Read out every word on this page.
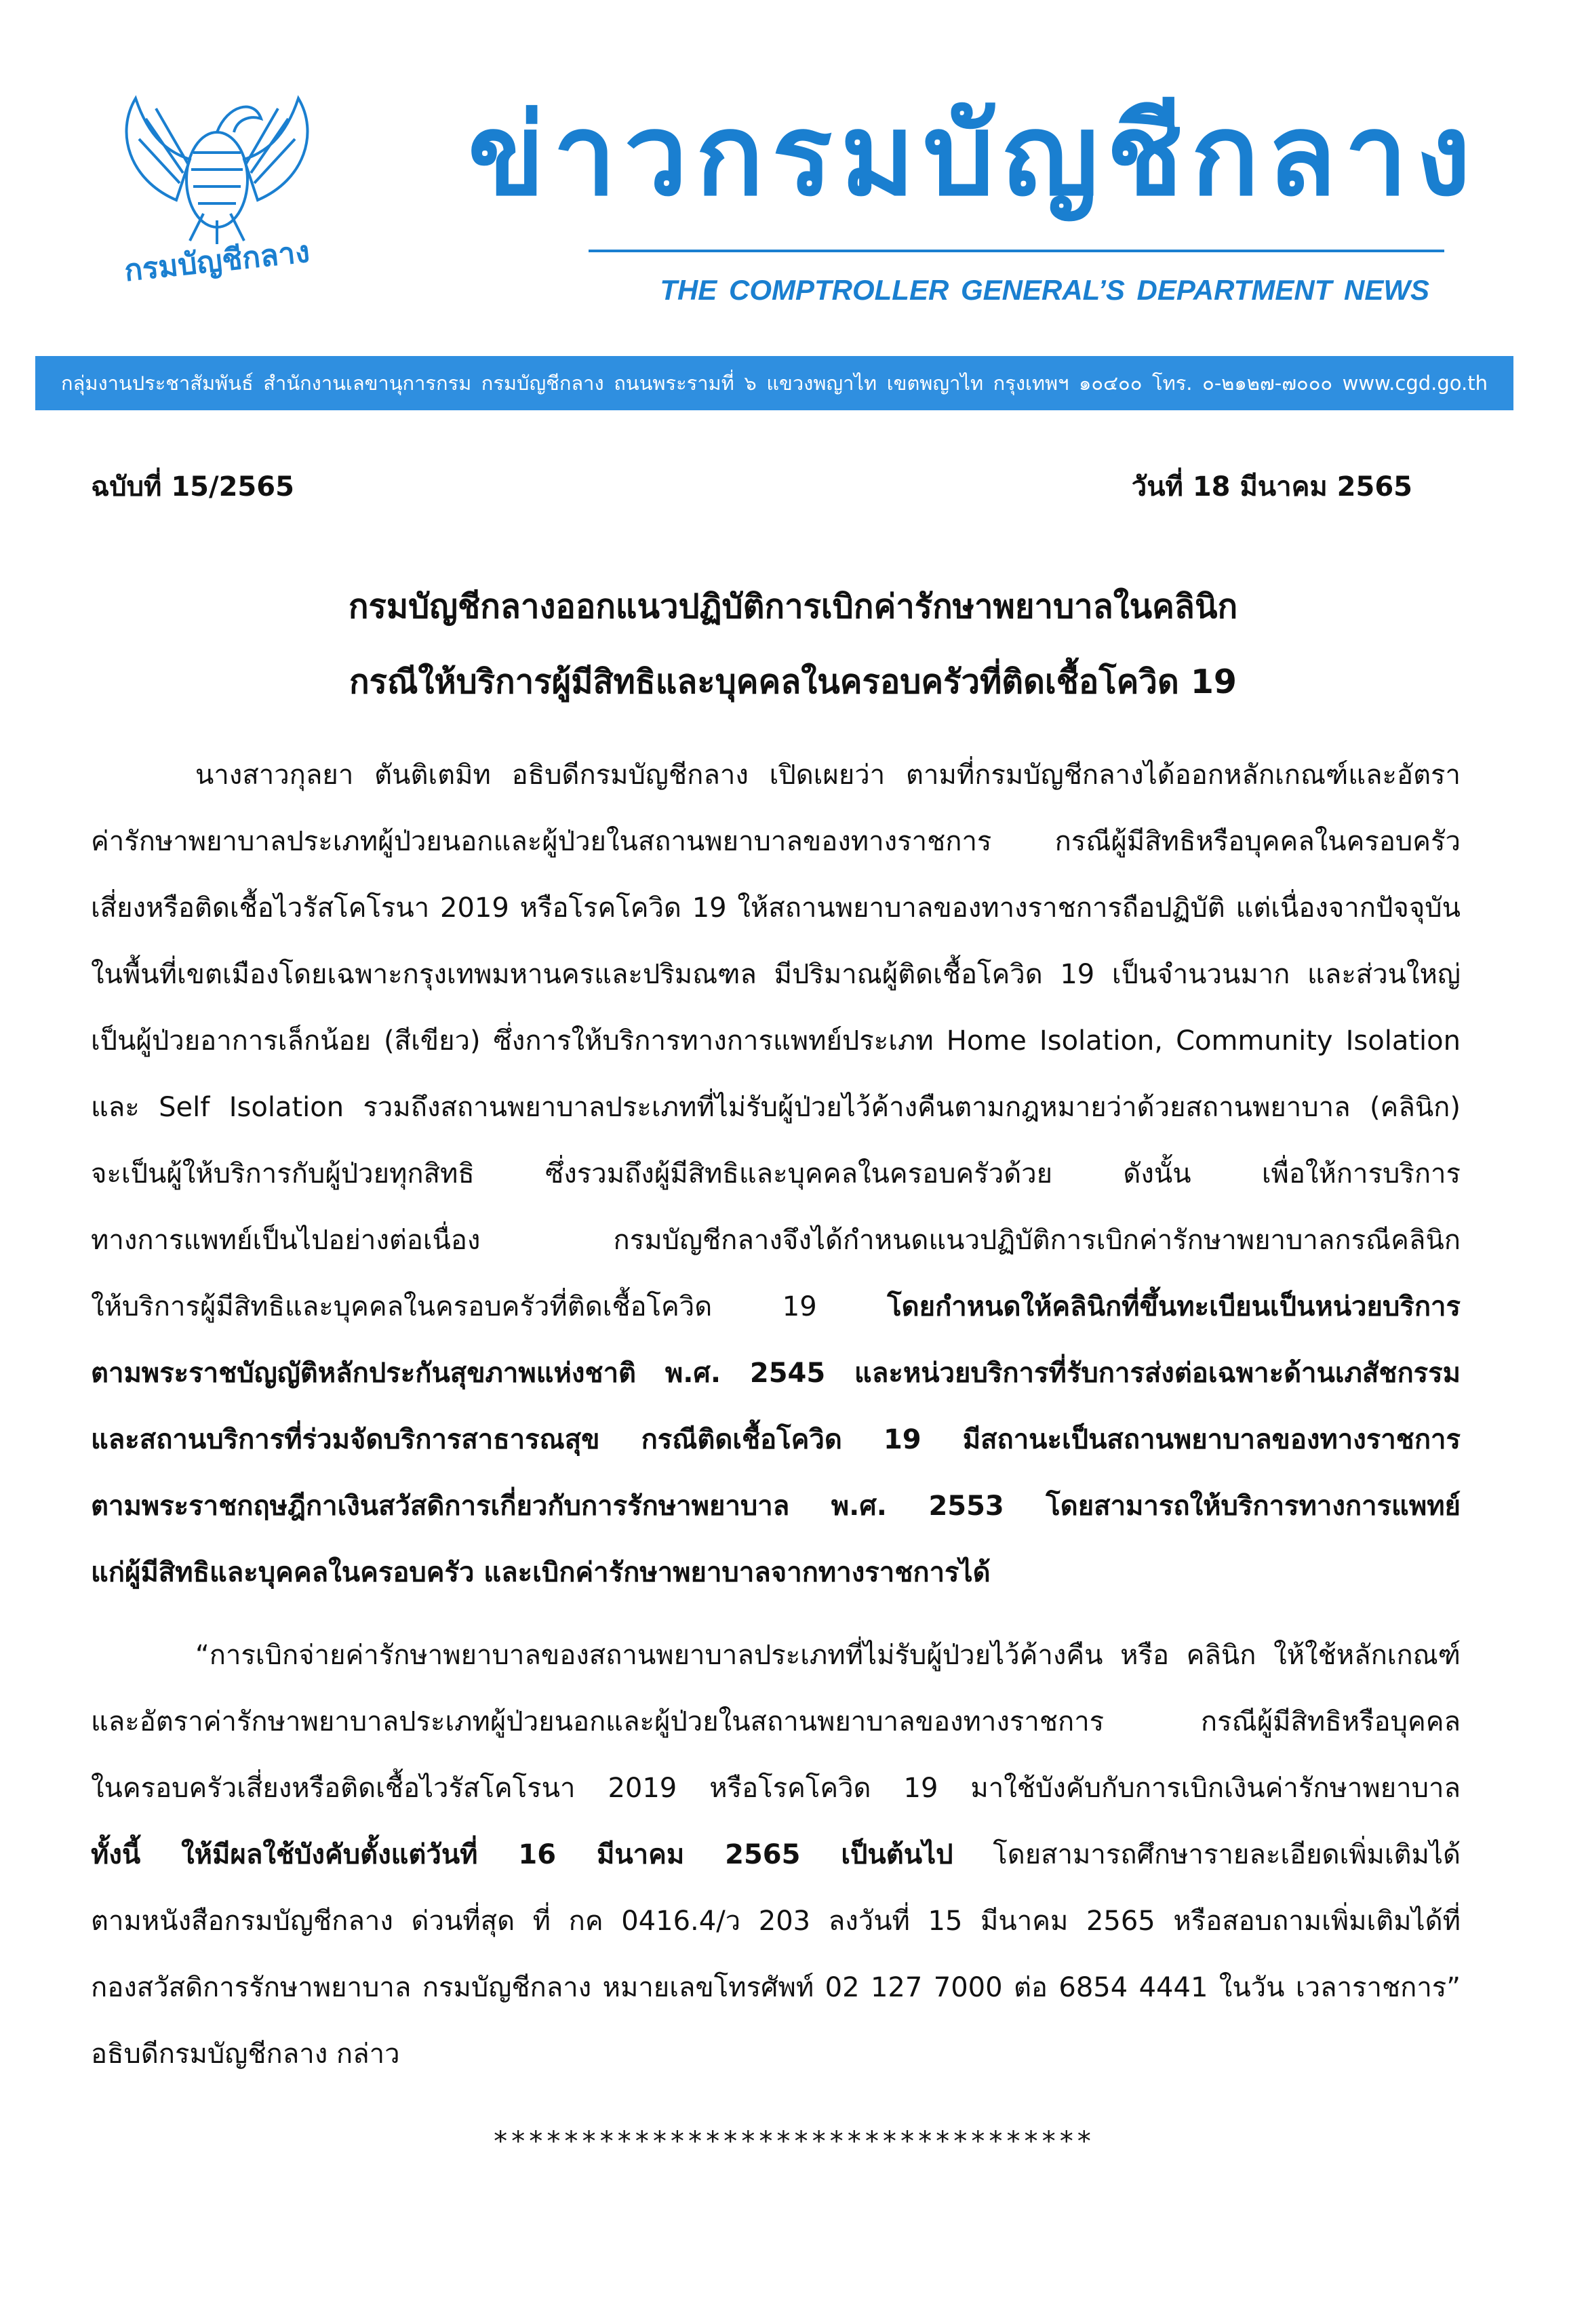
กรมบัญชีกลาง
ข่าวกรมบัญชีกลาง
THE COMPTROLLER GENERAL’S DEPARTMENT NEWS
กลุ่มงานประชาสัมพันธ์ สำนักงานเลขานุการกรม กรมบัญชีกลาง ถนนพระรามที่ ๖ แขวงพญาไท เขตพญาไท กรุงเทพฯ ๑๐๔๐๐ โทร. ๐-๒๑๒๗-๗๐๐๐ www.cgd.go.th
ฉบับที่ 15/2565	วันที่ 18 มีนาคม 2565
กรมบัญชีกลางออกแนวปฏิบัติการเบิกค่ารักษาพยาบาลในคลินิก
กรณีให้บริการผู้มีสิทธิและบุคคลในครอบครัวที่ติดเชื้อโควิด 19
นางสาวกุลยา ตันติเตมิท อธิบดีกรมบัญชีกลาง เปิดเผยว่า ตามที่กรมบัญชีกลางได้ออกหลักเกณฑ์และอัตรา
ค่ารักษาพยาบาลประเภทผู้ป่วยนอกและผู้ป่วยในสถานพยาบาลของทางราชการ กรณีผู้มีสิทธิหรือบุคคลในครอบครัว
เสี่ยงหรือติดเชื้อไวรัสโคโรนา 2019 หรือโรคโควิด 19 ให้สถานพยาบาลของทางราชการถือปฏิบัติ แต่เนื่องจากปัจจุบัน
ในพื้นที่เขตเมืองโดยเฉพาะกรุงเทพมหานครและปริมณฑล มีปริมาณผู้ติดเชื้อโควิด 19 เป็นจำนวนมาก และส่วนใหญ่
เป็นผู้ป่วยอาการเล็กน้อย (สีเขียว) ซึ่งการให้บริการทางการแพทย์ประเภท Home Isolation, Community Isolation
และ Self Isolation รวมถึงสถานพยาบาลประเภทที่ไม่รับผู้ป่วยไว้ค้างคืนตามกฎหมายว่าด้วยสถานพยาบาล (คลินิก)
จะเป็นผู้ให้บริการกับผู้ป่วยทุกสิทธิ ซึ่งรวมถึงผู้มีสิทธิและบุคคลในครอบครัวด้วย ดังนั้น เพื่อให้การบริการ
ทางการแพทย์เป็นไปอย่างต่อเนื่อง กรมบัญชีกลางจึงได้กำหนดแนวปฏิบัติการเบิกค่ารักษาพยาบาลกรณีคลินิก
ให้บริการผู้มีสิทธิและบุคคลในครอบครัวที่ติดเชื้อโควิด 19 โดยกำหนดให้คลินิกที่ขึ้นทะเบียนเป็นหน่วยบริการ
ตามพระราชบัญญัติหลักประกันสุขภาพแห่งชาติ พ.ศ. 2545 และหน่วยบริการที่รับการส่งต่อเฉพาะด้านเภสัชกรรม
และสถานบริการที่ร่วมจัดบริการสาธารณสุข กรณีติดเชื้อโควิด 19 มีสถานะเป็นสถานพยาบาลของทางราชการ
ตามพระราชกฤษฎีกาเงินสวัสดิการเกี่ยวกับการรักษาพยาบาล พ.ศ. 2553 โดยสามารถให้บริการทางการแพทย์
แก่ผู้มีสิทธิและบุคคลในครอบครัว และเบิกค่ารักษาพยาบาลจากทางราชการได้
“การเบิกจ่ายค่ารักษาพยาบาลของสถานพยาบาลประเภทที่ไม่รับผู้ป่วยไว้ค้างคืน หรือ คลินิก ให้ใช้หลักเกณฑ์
และอัตราค่ารักษาพยาบาลประเภทผู้ป่วยนอกและผู้ป่วยในสถานพยาบาลของทางราชการ กรณีผู้มีสิทธิหรือบุคคล
ในครอบครัวเสี่ยงหรือติดเชื้อไวรัสโคโรนา 2019 หรือโรคโควิด 19 มาใช้บังคับกับการเบิกเงินค่ารักษาพยาบาล
ทั้งนี้ ให้มีผลใช้บังคับตั้งแต่วันที่ 16 มีนาคม 2565 เป็นต้นไป โดยสามารถศึกษารายละเอียดเพิ่มเติมได้
ตามหนังสือกรมบัญชีกลาง ด่วนที่สุด ที่ กค 0416.4/ว 203 ลงวันที่ 15 มีนาคม 2565 หรือสอบถามเพิ่มเติมได้ที่
กองสวัสดิการรักษาพยาบาล กรมบัญชีกลาง หมายเลขโทรศัพท์ 02 127 7000 ต่อ 6854 4441 ในวัน เวลาราชการ”
อธิบดีกรมบัญชีกลาง กล่าว
**********************************
